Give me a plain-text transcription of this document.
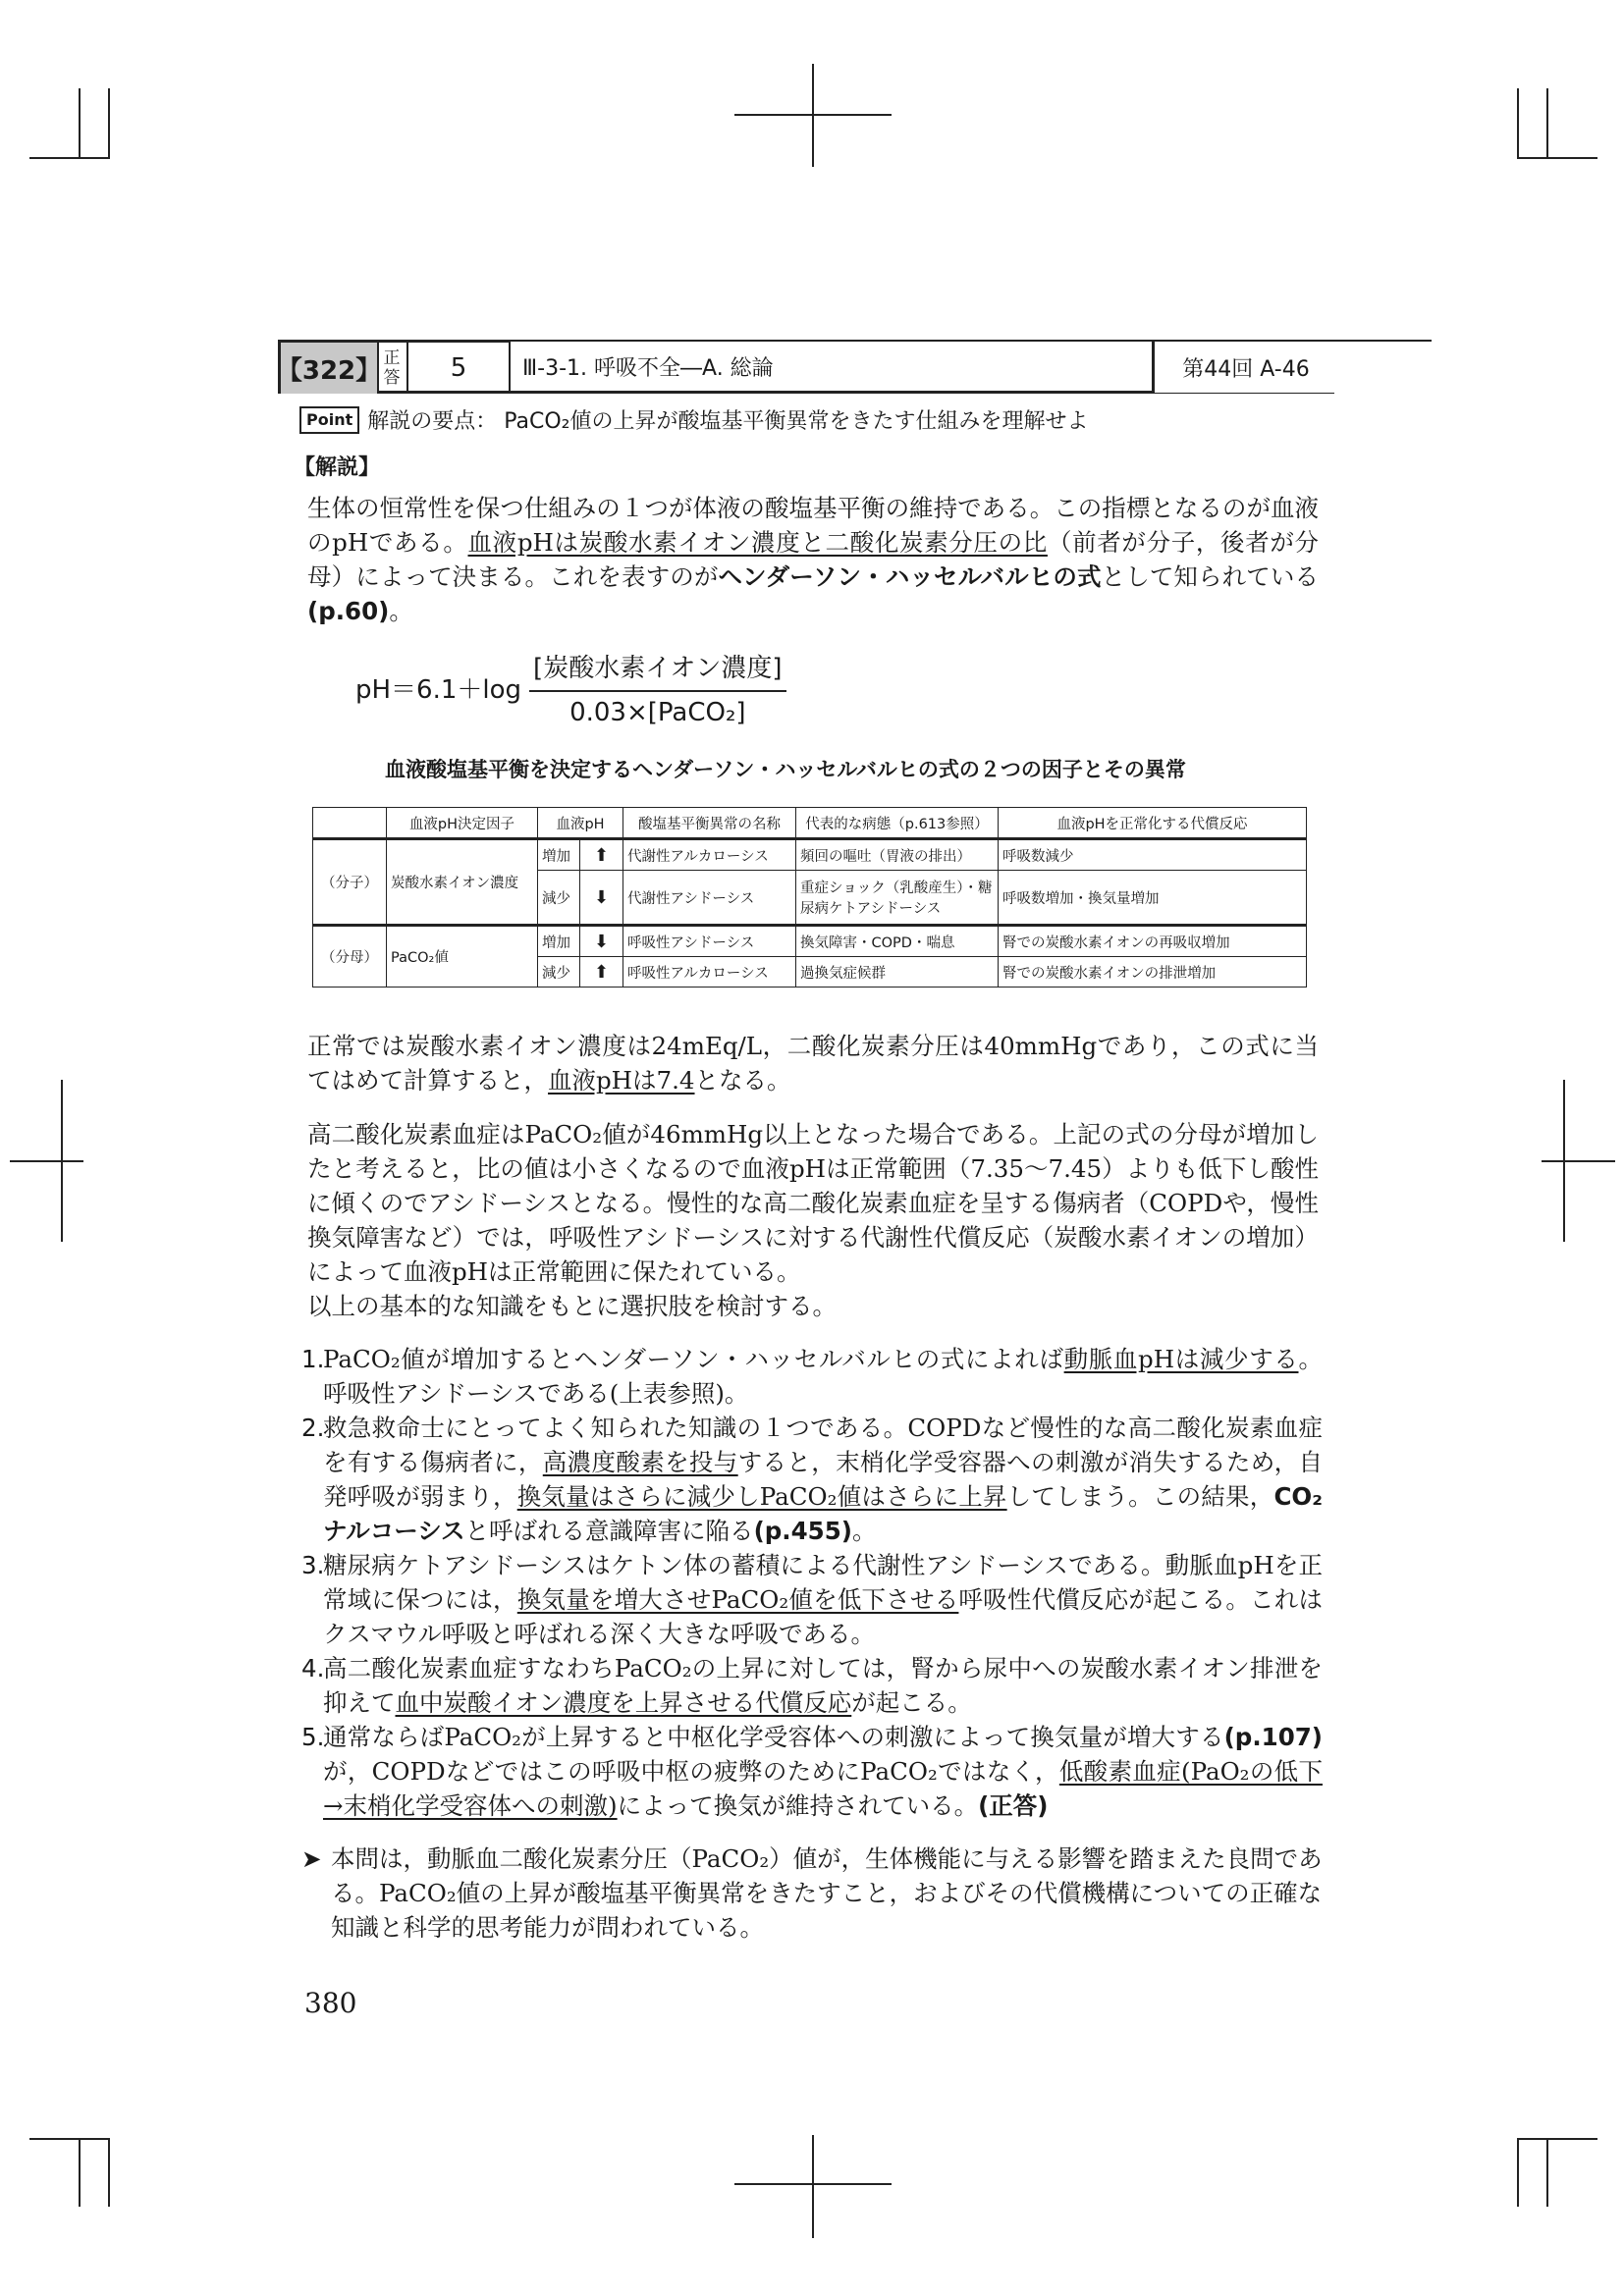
【322】 正
答	5	Ⅲ-3-1. 呼吸不全―A. 総論	第44回 A-46
Point 解説の要点： PaCO₂値の上昇が酸塩基平衡異常をきたす仕組みを理解せよ
【解説】
生体の恒常性を保つ仕組みの１つが体液の酸塩基平衡の維持である。この指標となるのが血液のpHである。血液pHは炭酸水素イオン濃度と二酸化炭素分圧の比（前者が分子，後者が分母）によって決まる。これを表すのがヘンダーソン・ハッセルバルヒの式として知られている(p.60)。
$pH=6.1+\log \frac{\text{[炭酸水素イオン濃度]}}{\text{0.03×[PaCO₂]}}$
血液酸塩基平衡を決定するヘンダーソン・ハッセルバルヒの式の２つの因子とその異常
	血液pH決定因子	血液pH		酸塩基平衡異常の名称	代表的な病態（p.613参照）	血液pHを正常化する代償反応
（分子）	炭酸水素イオン濃度	増加	⬆	代謝性アルカローシス	頻回の嘔吐（胃液の排出）	呼吸数減少
		減少	⬇	代謝性アシドーシス	重症ショック（乳酸産生）・糖尿病ケトアシドーシス	呼吸数増加・換気量増加
（分母）	PaCO₂値	増加	⬇	呼吸性アシドーシス	換気障害・COPD・喘息	腎での炭酸水素イオンの再吸収増加
		減少	⬆	呼吸性アルカローシス	過換気症候群	腎での炭酸水素イオンの排泄増加
正常では炭酸水素イオン濃度は24mEq/L，二酸化炭素分圧は40mmHgであり，この式に当てはめて計算すると，血液pHは7.4となる。
高二酸化炭素血症はPaCO₂値が46mmHg以上となった場合である。上記の式の分母が増加したと考えると，比の値は小さくなるので血液pHは正常範囲（7.35～7.45）よりも低下し酸性に傾くのでアシドーシスとなる。慢性的な高二酸化炭素血症を呈する傷病者（COPDや，慢性換気障害など）では，呼吸性アシドーシスに対する代謝性代償反応（炭酸水素イオンの増加）によって血液pHは正常範囲に保たれている。
以上の基本的な知識をもとに選択肢を検討する。
1.
PaCO₂値が増加するとヘンダーソン・ハッセルバルヒの式によれば動脈血pHは減少する。呼吸性アシドーシスである(上表参照)。
2.
救急救命士にとってよく知られた知識の１つである。COPDなど慢性的な高二酸化炭素血症を有する傷病者に，高濃度酸素を投与すると，末梢化学受容器への刺激が消失するため，自発呼吸が弱まり，換気量はさらに減少しPaCO₂値はさらに上昇してしまう。この結果，CO₂ナルコーシスと呼ばれる意識障害に陥る(p.455)。
3.
糖尿病ケトアシドーシスはケトン体の蓄積による代謝性アシドーシスである。動脈血pHを正常域に保つには，換気量を増大させPaCO₂値を低下させる呼吸性代償反応が起こる。これはクスマウル呼吸と呼ばれる深く大きな呼吸である。
4.
高二酸化炭素血症すなわちPaCO₂の上昇に対しては，腎から尿中への炭酸水素イオン排泄を抑えて血中炭酸イオン濃度を上昇させる代償反応が起こる。
5.
通常ならばPaCO₂が上昇すると中枢化学受容体への刺激によって換気量が増大する(p.107)が，COPDなどではこの呼吸中枢の疲弊のためにPaCO₂ではなく，低酸素血症(PaO₂の低下→末梢化学受容体への刺激)によって換気が維持されている。(正答)
➤ 本問は，動脈血二酸化炭素分圧（PaCO₂）値が，生体機能に与える影響を踏まえた良問である。PaCO₂値の上昇が酸塩基平衡異常をきたすこと，およびその代償機構についての正確な知識と科学的思考能力が問われている。
380
